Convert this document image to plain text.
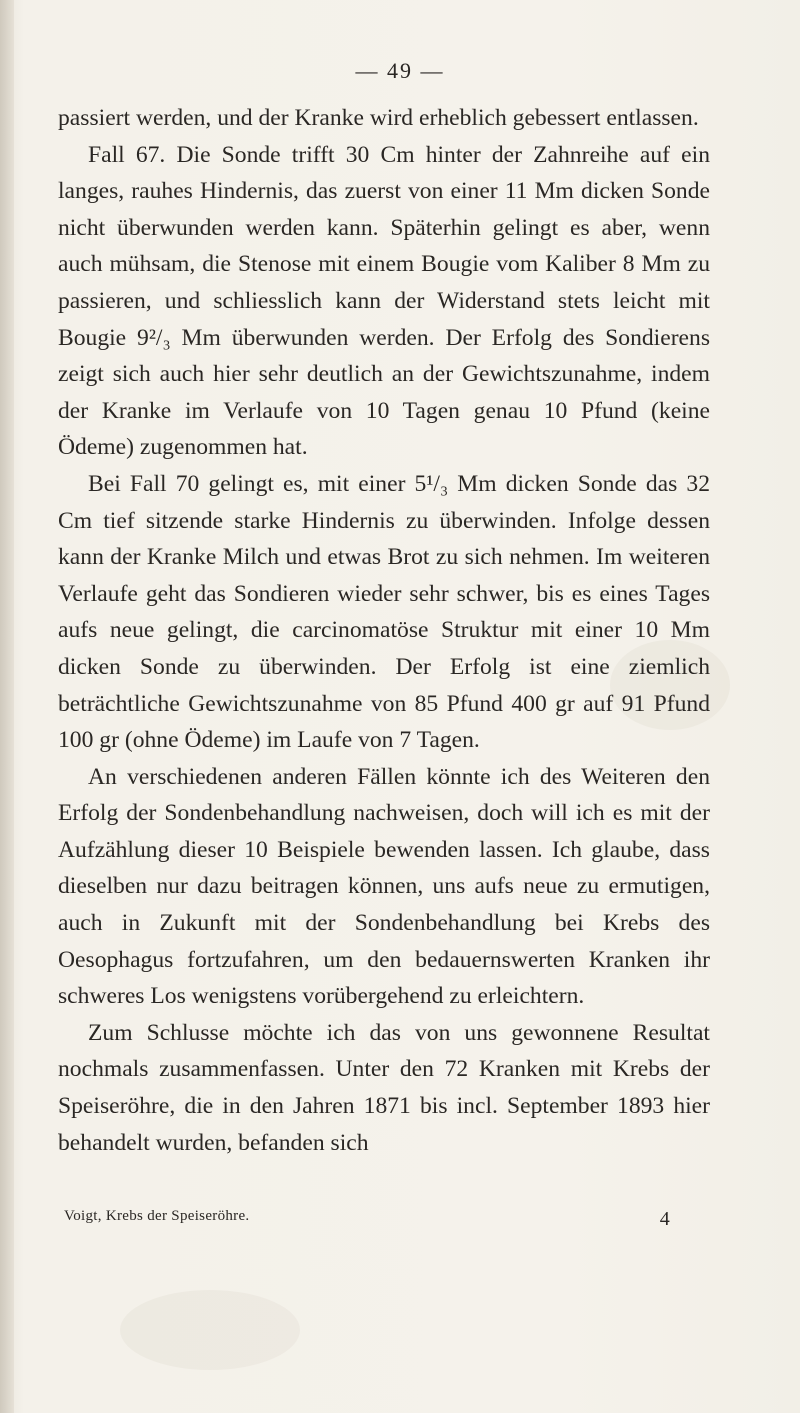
— 49 —

passiert werden, und der Kranke wird erheblich gebessert entlassen.

Fall 67. Die Sonde trifft 30 Cm hinter der Zahnreihe auf ein langes, rauhes Hindernis, das zuerst von einer 11 Mm dicken Sonde nicht überwunden werden kann. Späterhin gelingt es aber, wenn auch mühsam, die Stenose mit einem Bougie vom Kaliber 8 Mm zu passieren, und schliesslich kann der Widerstand stets leicht mit Bougie 9²/₃ Mm überwunden werden. Der Erfolg des Sondierens zeigt sich auch hier sehr deutlich an der Gewichtszunahme, indem der Kranke im Verlaufe von 10 Tagen genau 10 Pfund (keine Ödeme) zugenommen hat.

Bei Fall 70 gelingt es, mit einer 5¹/₃ Mm dicken Sonde das 32 Cm tief sitzende starke Hindernis zu überwinden. Infolge dessen kann der Kranke Milch und etwas Brot zu sich nehmen. Im weiteren Verlaufe geht das Sondieren wieder sehr schwer, bis es eines Tages aufs neue gelingt, die carcinomatöse Struktur mit einer 10 Mm dicken Sonde zu überwinden. Der Erfolg ist eine ziemlich beträchtliche Gewichtszunahme von 85 Pfund 400 gr auf 91 Pfund 100 gr (ohne Ödeme) im Laufe von 7 Tagen.

An verschiedenen anderen Fällen könnte ich des Weiteren den Erfolg der Sondenbehandlung nachweisen, doch will ich es mit der Aufzählung dieser 10 Beispiele bewenden lassen. Ich glaube, dass dieselben nur dazu beitragen können, uns aufs neue zu ermutigen, auch in Zukunft mit der Sondenbehandlung bei Krebs des Oesophagus fortzufahren, um den bedauernswerten Kranken ihr schweres Los wenigstens vorübergehend zu erleichtern.

Zum Schlusse möchte ich das von uns gewonnene Resultat nochmals zusammenfassen. Unter den 72 Kranken mit Krebs der Speiseröhre, die in den Jahren 1871 bis incl. September 1893 hier behandelt wurden, befanden sich

Voigt, Krebs der Speiseröhre.	4
